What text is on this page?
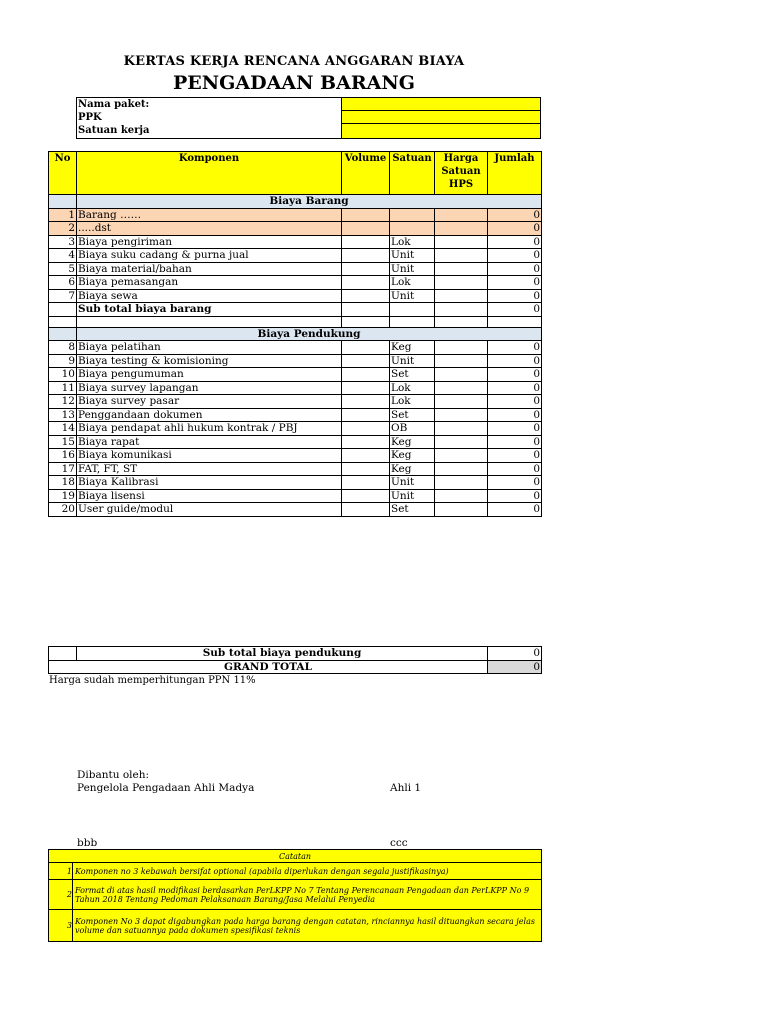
KERTAS KERJA RENCANA ANGGARAN BIAYA
PENGADAAN BARANG
Nama paket:
PPK
Satuan kerja
No	Komponen	Volume	Satuan	Harga Satuan HPS	Jumlah
	Biaya Barang				
1	Barang ……				0
2	.....dst				0
3	Biaya pengiriman		Lok		0
4	Biaya suku cadang & purna jual		Unit		0
5	Biaya material/bahan		Unit		0
6	Biaya pemasangan		Lok		0
7	Biaya sewa		Unit		0
	Sub total biaya barang				0

	Biaya Pendukung				
8	Biaya pelatihan		Keg		0
9	Biaya testing & komisioning		Unit		0
10	Biaya pengumuman		Set		0
11	Biaya survey lapangan		Lok		0
12	Biaya survey pasar		Lok		0
13	Penggandaan dokumen		Set		0
14	Biaya pendapat ahli hukum kontrak / PBJ		OB		0
15	Biaya rapat		Keg		0
16	Biaya komunikasi		Keg		0
17	FAT, FT, ST		Keg		0
18	Biaya Kalibrasi		Unit		0
19	Biaya lisensi		Unit		0
20	User guide/modul		Set		0
	Sub total biaya pendukung	0
GRAND TOTAL		0
Harga sudah memperhitungan PPN 11%
Dibantu oleh:
Pengelola Pengadaan Ahli Madya	Ahli 1
bbb	ccc
Catatan	
1	Komponen no 3 kebawah bersifat optional (apabila diperlukan dengan segala justifikasinya)
2	Format di atas hasil modifikasi berdasarkan PerLKPP No 7 Tentang Perencanaan Pengadaan dan PerLKPP No 9 Tahun 2018 Tentang Pedoman Pelaksanaan Barang/Jasa Melalui Penyedia
3	Komponen No 3 dapat digabungkan pada harga barang dengan catatan, rinciannya hasil dituangkan secara jelas volume dan satuannya pada dokumen spesifikasi teknis
